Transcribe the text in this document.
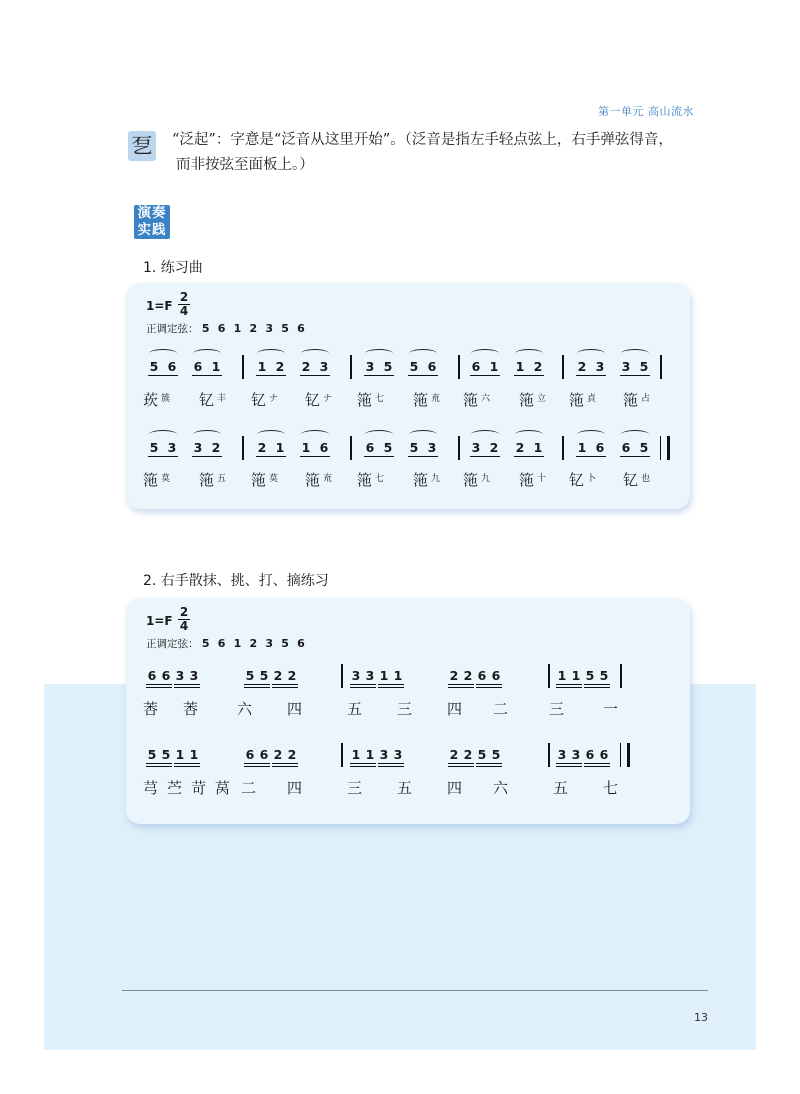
第一单元 高山流水
乭 “泛起”：字意是“泛音从这里开始”。（泛音是指左手轻点弦上，右手弹弦得音，

而非按弦至面板上。）

演奏
实践
1. 练习曲
1=F
2
4
正调定弦： 5 6 1 2 3 5 6
5 6 6 1	1 2 2 3	3 5 5 6	6 1 1 2	2 3 3 5
莰 簇 钇 丰 钇 ナ 钇 ナ 筂 七 筂 㐬 筂 六 筂 立 筂 貞 筂 占
5 3 3 2	2 1 1 6	6 5 5 3	3 2 2 1	1 6 6 5
筂 莫 筂 五 筂 莫 筂 㐬 筂 七 筂 九 筂 九 筂 十 钇 卜 钇 也
2. 右手散抹、挑、打、摘练习
1=F
2
4
正调定弦： 5 6 1 2 3 5 6
6 6 3 3	5 5 2 2	3 3 1 1	2 2 6 6	1 1 5 5
莕 莕	六 四	五 三 四 二	三	一
5 5 1 1	6 6 2 2	1 1 3 3	2 2 5 5	3 3 6 6
芎 苎 苛 莴 二 四	三 五 四 六	五 七
13
